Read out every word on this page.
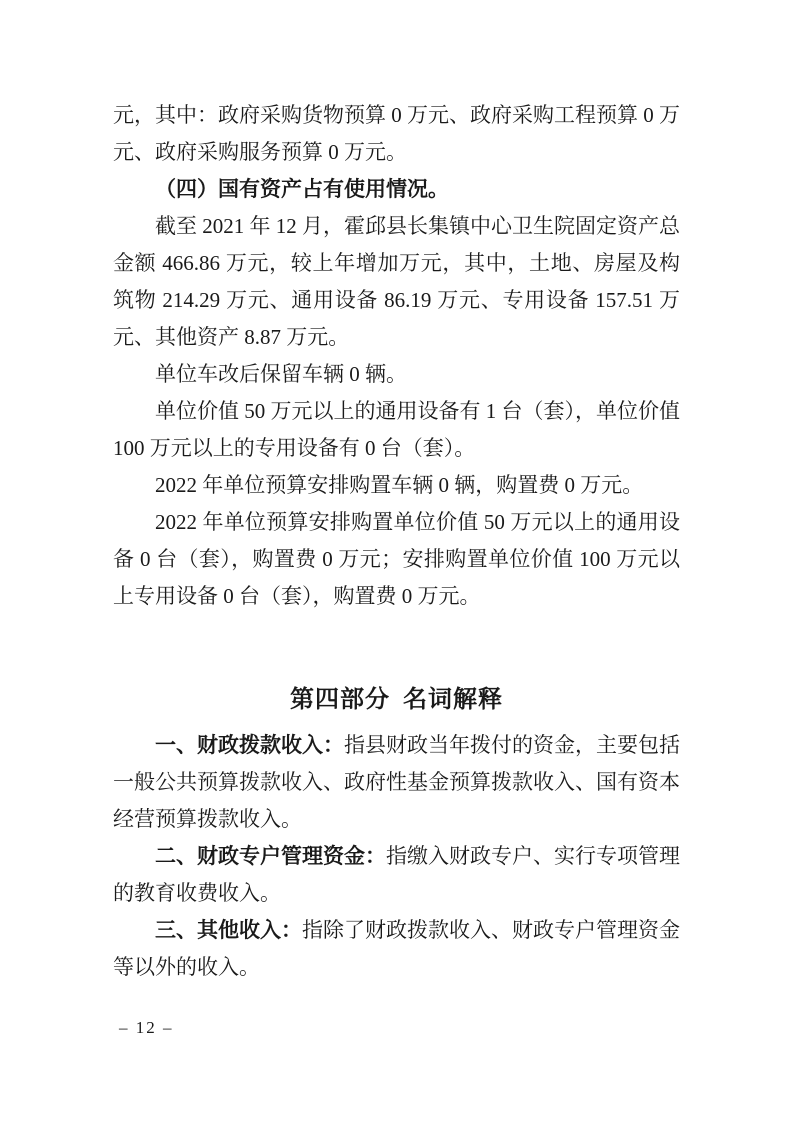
元，其中：政府采购货物预算 0 万元、政府采购工程预算 0 万元、政府采购服务预算 0 万元。

（四）国有资产占有使用情况。

截至 2021 年 12 月，霍邱县长集镇中心卫生院固定资产总金额 466.86 万元，较上年增加万元，其中，土地、房屋及构筑物 214.29 万元、通用设备 86.19 万元、专用设备 157.51 万元、其他资产 8.87 万元。

单位车改后保留车辆 0 辆。

单位价值 50 万元以上的通用设备有 1 台（套），单位价值 100 万元以上的专用设备有 0 台（套）。

2022 年单位预算安排购置车辆 0 辆，购置费 0 万元。

2022 年单位预算安排购置单位价值 50 万元以上的通用设备 0 台（套），购置费 0 万元；安排购置单位价值 100 万元以上专用设备 0 台（套），购置费 0 万元。

第四部分 名词解释

一、财政拨款收入：指县财政当年拨付的资金，主要包括一般公共预算拨款收入、政府性基金预算拨款收入、国有资本经营预算拨款收入。

二、财政专户管理资金：指缴入财政专户、实行专项管理的教育收费收入。

三、其他收入：指除了财政拨款收入、财政专户管理资金等以外的收入。

– 12 –
